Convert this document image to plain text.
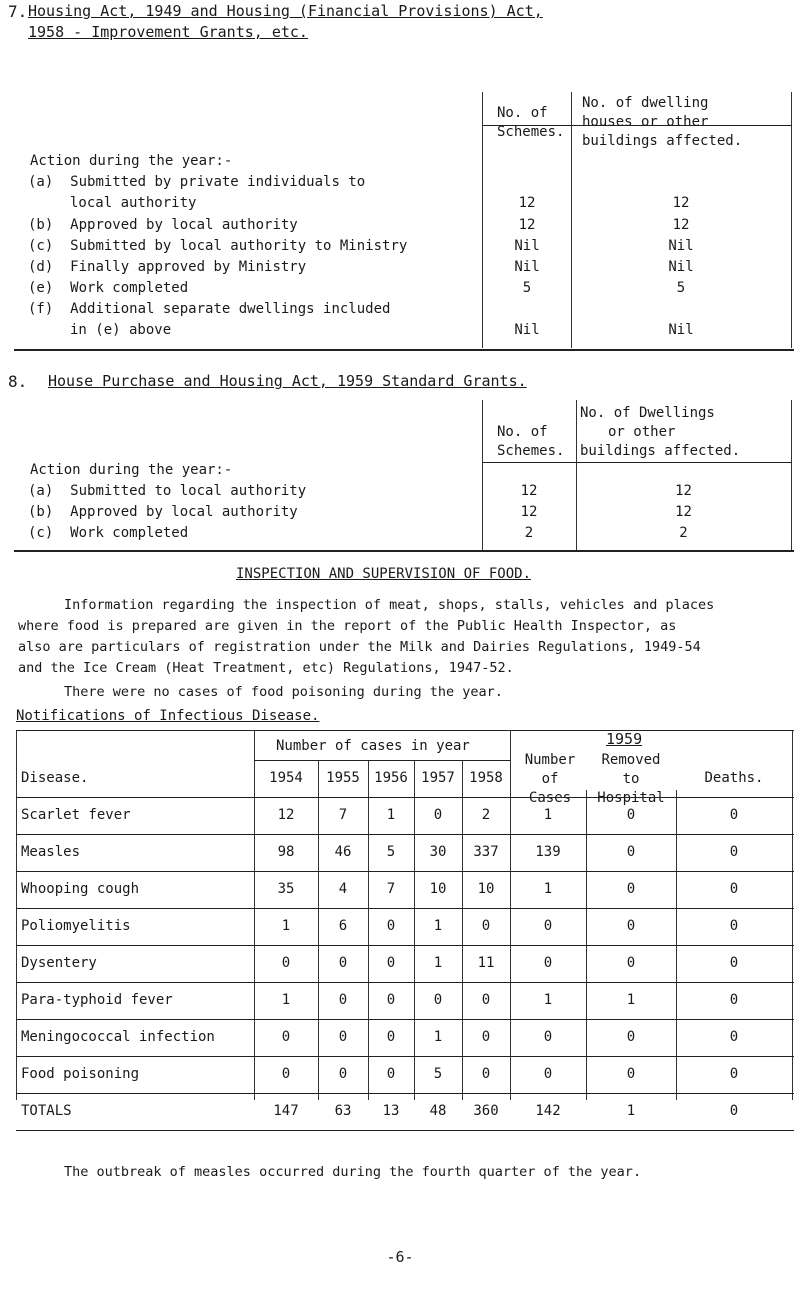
7. Housing Act, 1949 and Housing (Financial Provisions) Act,
1958 - Improvement Grants, etc.
No. of
Schemes.
No. of dwelling
houses or other
buildings affected.
Action during the year:-
(a) Submitted by private individuals to
local authority	12	12
(b) Approved by local authority	12	12
(c) Submitted by local authority to Ministry	Nil	Nil
(d) Finally approved by Ministry	Nil	Nil
(e) Work completed	5	5
(f) Additional separate dwellings included
in (e) above	Nil	Nil
8. House Purchase and Housing Act, 1959 Standard Grants.
No. of
Schemes.
No. of Dwellings
or other
buildings affected.
Action during the year:-
(a) Submitted to local authority	12	12
(b) Approved by local authority	12	12
(c) Work completed	2	2
INSPECTION AND SUPERVISION OF FOOD.
Information regarding the inspection of meat, shops, stalls, vehicles and places
where food is prepared are given in the report of the Public Health Inspector, as
also are particulars of registration under the Milk and Dairies Regulations, 1949-54
and the Ice Cream (Heat Treatment, etc) Regulations, 1947-52.
There were no cases of food poisoning during the year.
Notifications of Infectious Disease.
Number of cases in year	1959
Disease.	1954	1955	1956 1957	1958
Number
of
Cases
Removed
to
Hospital
Deaths.
Scarlet fever	12	7	1	0	2	1	0	0
Measles	98	46	5	30	337	139	0	0
Whooping cough	35	4	7	10	10	1	0	0
Poliomyelitis	1	6	0	1	0	0	0	0
Dysentery	0	0	0	1	11	0	0	0
Para-typhoid fever	1	0	0	0	0	1	1	0
Meningococcal infection	0	0	0	1	0	0	0	0
Food poisoning	0	0	0	5	0	0	0	0
TOTALS	147	63	13	48	360	142	1	0
The outbreak of measles occurred during the fourth quarter of the year.
-6-
